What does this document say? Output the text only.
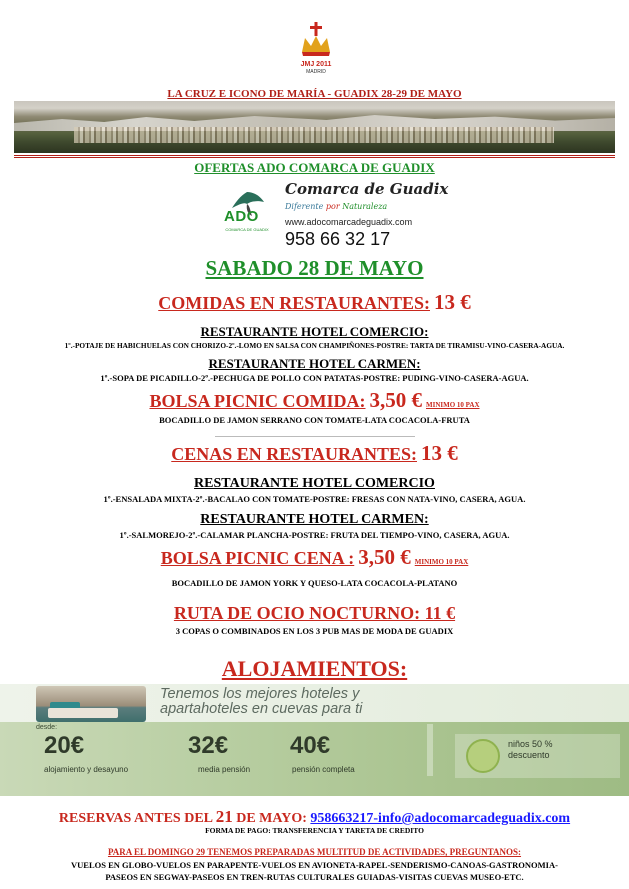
JMJ 2011
MADRID
LA CRUZ E ICONO DE MARÍA - GUADIX 28-29 DE MAYO
OFERTAS ADO COMARCA DE GUADIX
ADO
COMARCA DE GUADIX
Comarca de Guadix
Diferente por Naturaleza
www.adocomarcadeguadix.com
958 66 32 17
SABADO 28 DE MAYO
COMIDAS EN RESTAURANTES: 13 €
RESTAURANTE HOTEL COMERCIO:
1º.-POTAJE DE HABICHUELAS CON CHORIZO-2º.-LOMO EN SALSA CON CHAMPIÑONES-POSTRE: TARTA DE TIRAMISU-VINO-CASERA-AGUA.
RESTAURANTE HOTEL CARMEN:
1º.-SOPA DE PICADILLO-2º.-PECHUGA DE POLLO CON PATATAS-POSTRE: PUDING-VINO-CASERA-AGUA.
BOLSA PICNIC COMIDA: 3,50 € MINIMO 10 PAX
BOCADILLO DE JAMON SERRANO CON TOMATE-LATA COCACOLA-FRUTA
CENAS EN RESTAURANTES: 13 €
RESTAURANTE HOTEL COMERCIO
1º.-ENSALADA MIXTA-2º.-BACALAO CON TOMATE-POSTRE: FRESAS CON NATA-VINO, CASERA, AGUA.
RESTAURANTE HOTEL CARMEN:
1º.-SALMOREJO-2º.-CALAMAR PLANCHA-POSTRE: FRUTA DEL TIEMPO-VINO, CASERA, AGUA.
BOLSA PICNIC CENA : 3,50 € MINIMO 10 PAX
BOCADILLO DE JAMON YORK Y QUESO-LATA COCACOLA-PLATANO
RUTA DE OCIO NOCTURNO: 11 €
3 COPAS O COMBINADOS EN LOS 3 PUB MAS DE MODA DE GUADIX
ALOJAMIENTOS:
Tenemos los mejores hoteles y
apartahoteles en cuevas para ti
desde:
20€	32€	40€
alojamiento y desayuno	media pensión	pensión completa
niños 50 %
descuento
RESERVAS ANTES DEL 21 DE MAYO: 958663217-info@adocomarcadeguadix.com
FORMA DE PAGO: TRANSFERENCIA Y TARETA DE CREDITO
PARA EL DOMINGO 29 TENEMOS PREPARADAS MULTITUD DE ACTIVIDADES, PREGUNTANOS:
VUELOS EN GLOBO-VUELOS EN PARAPENTE-VUELOS EN AVIONETA-RAPEL-SENDERISMO-CANOAS-GASTRONOMIA-
PASEOS EN SEGWAY-PASEOS EN TREN-RUTAS CULTURALES GUIADAS-VISITAS CUEVAS MUSEO-ETC.
